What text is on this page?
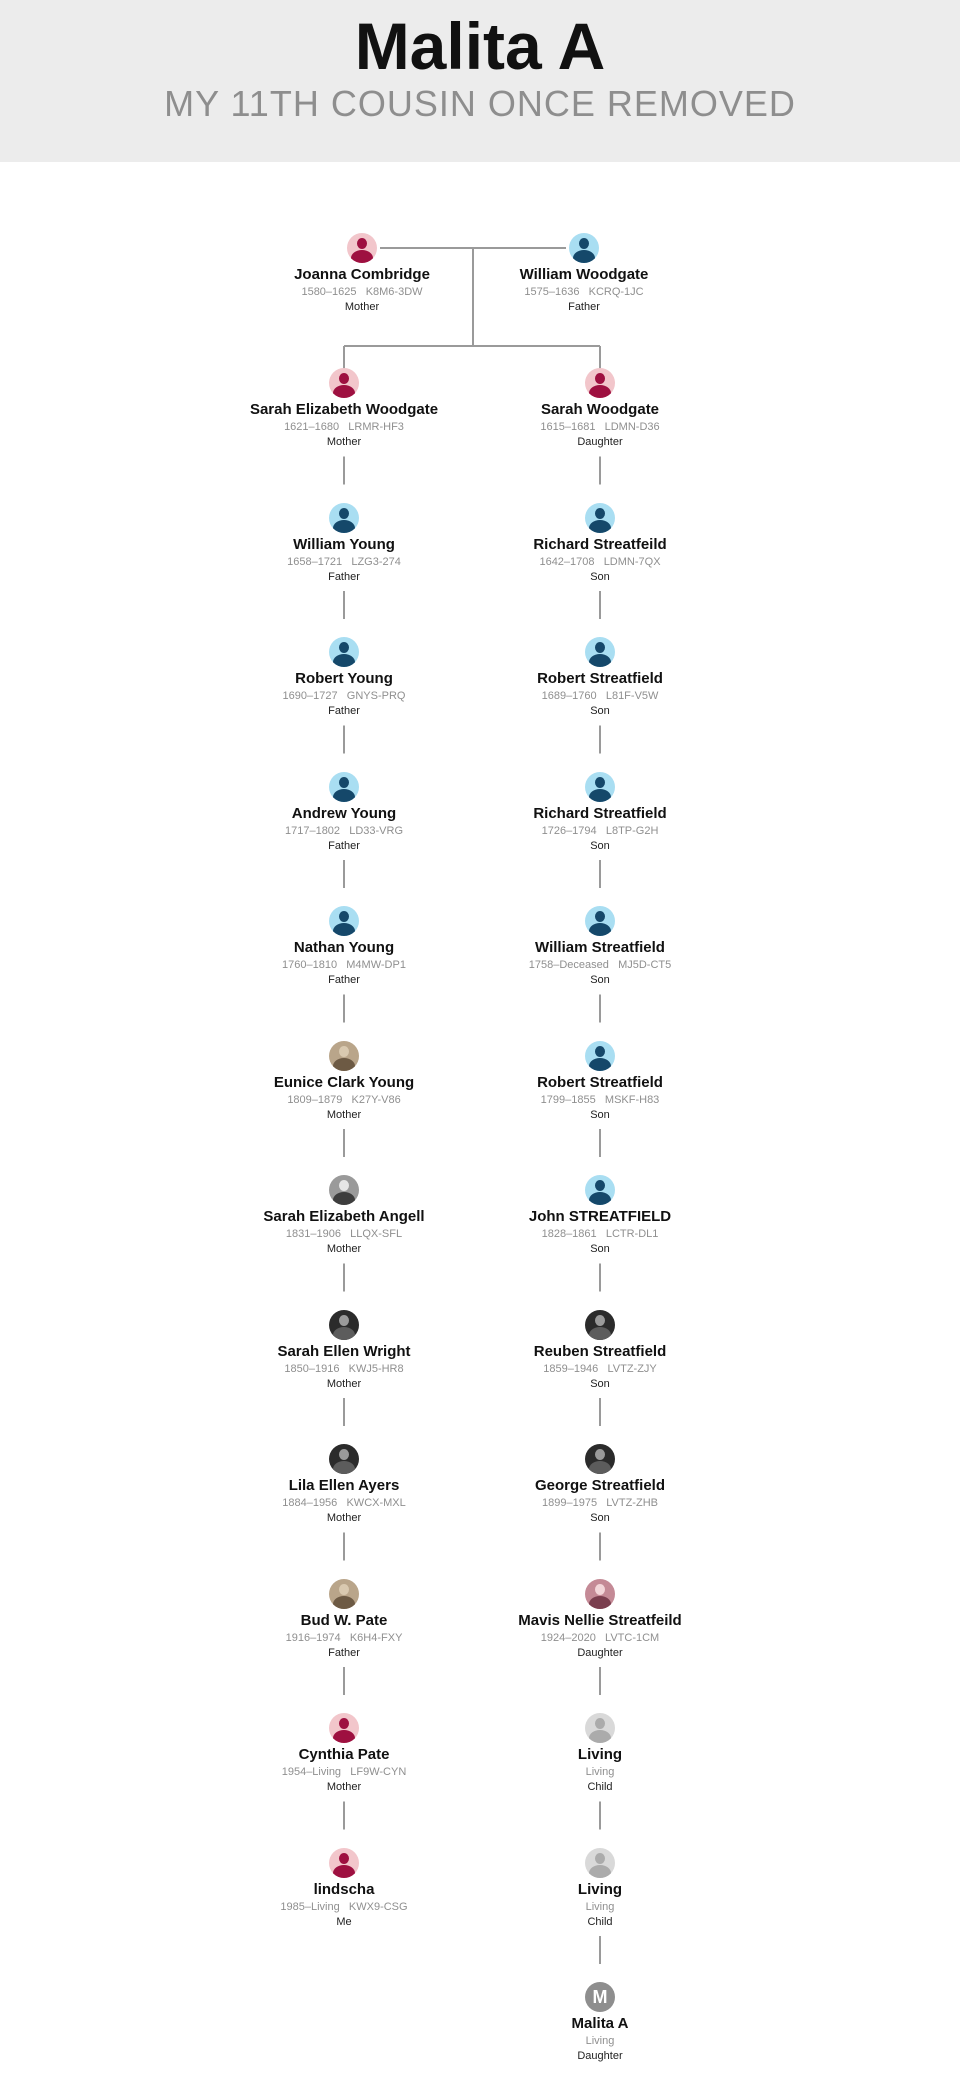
Malita A
MY 11TH COUSIN ONCE REMOVED
Joanna Combridge
1580–1625 K8M6-3DW
Mother
William Woodgate
1575–1636 KCRQ-1JC
Father
Sarah Elizabeth Woodgate
1621–1680 LRMR-HF3
Mother
William Young
1658–1721 LZG3-274
Father
Robert Young
1690–1727 GNYS-PRQ
Father
Andrew Young
1717–1802 LD33-VRG
Father
Nathan Young
1760–1810 M4MW-DP1
Father
Eunice Clark Young
1809–1879 K27Y-V86
Mother
Sarah Elizabeth Angell
1831–1906 LLQX-SFL
Mother
Sarah Ellen Wright
1850–1916 KWJ5-HR8
Mother
Lila Ellen Ayers
1884–1956 KWCX-MXL
Mother
Bud W. Pate
1916–1974 K6H4-FXY
Father
Cynthia Pate
1954–Living LF9W-CYN
Mother
lindscha
1985–Living KWX9-CSG
Me
Sarah Woodgate
1615–1681 LDMN-D36
Daughter
Richard Streatfeild
1642–1708 LDMN-7QX
Son
Robert Streatfield
1689–1760 L81F-V5W
Son
Richard Streatfield
1726–1794 L8TP-G2H
Son
William Streatfield
1758–Deceased MJ5D-CT5
Son
Robert Streatfield
1799–1855 MSKF-H83
Son
John STREATFIELD
1828–1861 LCTR-DL1
Son
Reuben Streatfield
1859–1946 LVTZ-ZJY
Son
George Streatfield
1899–1975 LVTZ-ZHB
Son
Mavis Nellie Streatfeild
1924–2020 LVTC-1CM
Daughter
Living
Living
Child
Living
Living
Child
M
Malita A
Living
Daughter
